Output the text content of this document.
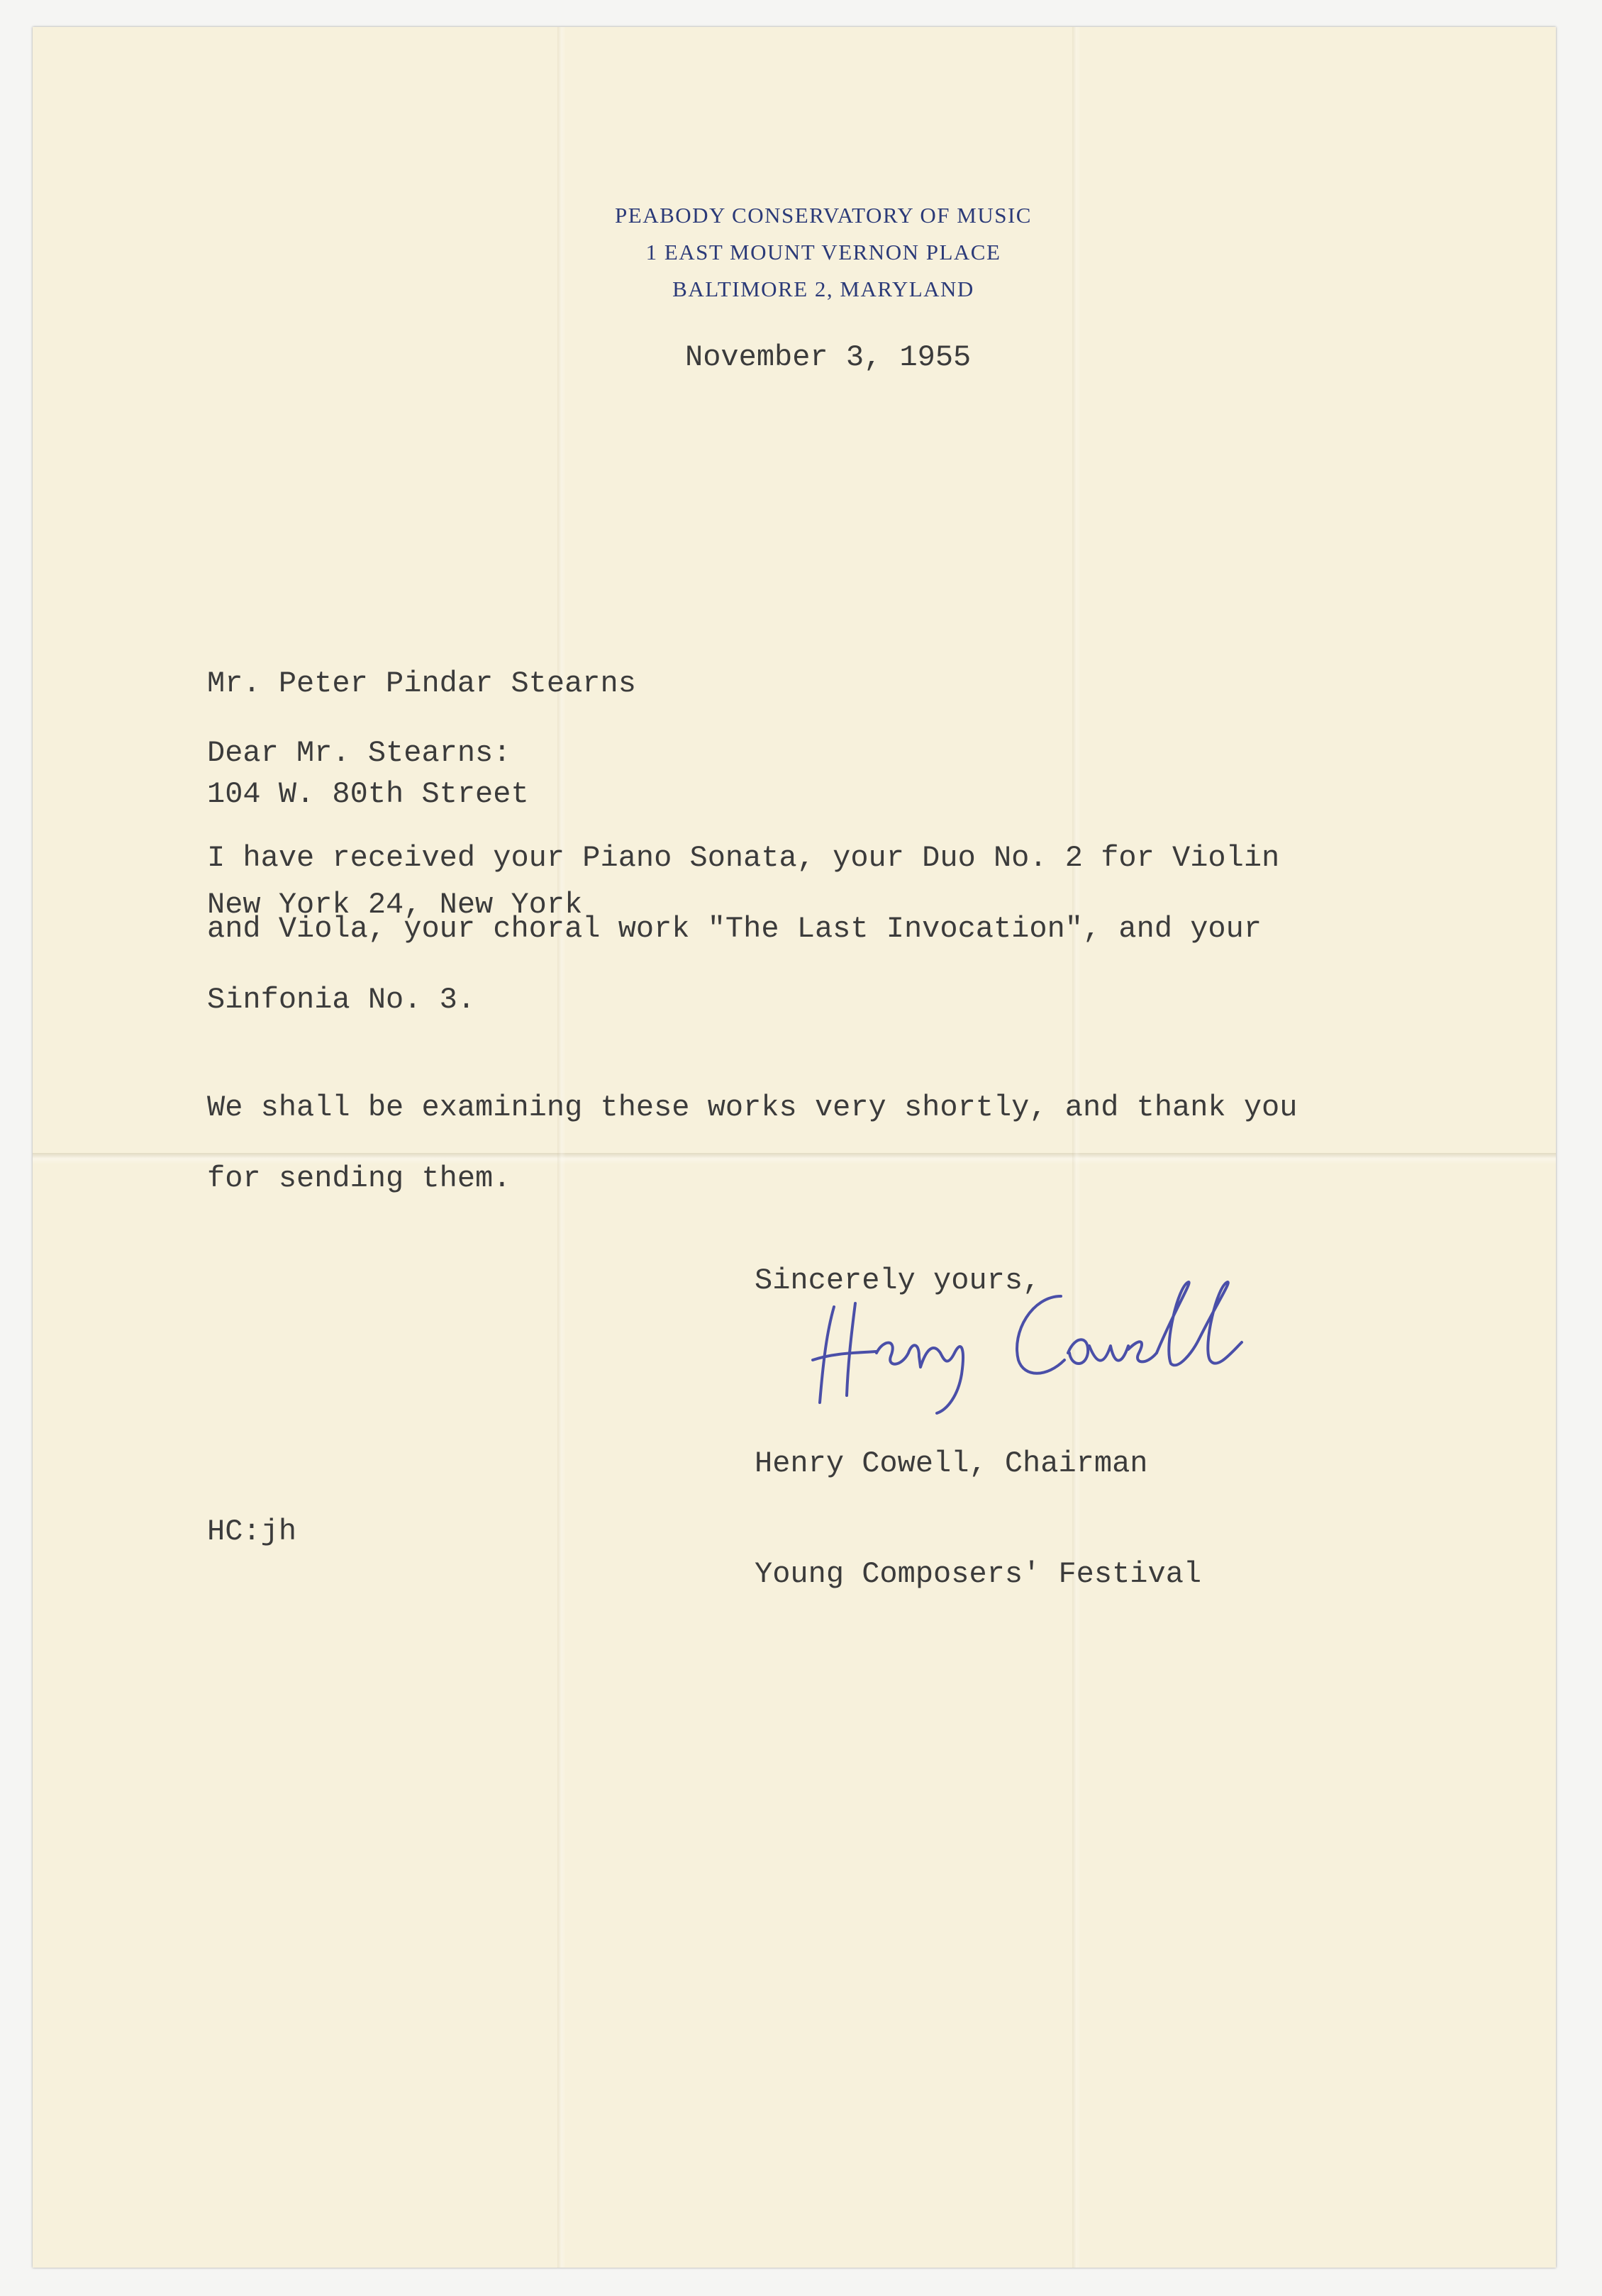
PEABODY CONSERVATORY OF MUSIC
1 EAST MOUNT VERNON PLACE
BALTIMORE 2, MARYLAND
November 3, 1955

Mr. Peter Pindar Stearns

104 W. 80th Street

New York 24, New York

Dear Mr. Stearns:
I have received your Piano Sonata, your Duo No. 2 for Violin and Viola, your choral work "The Last Invocation", and your Sinfonia No. 3.
We shall be examining these works very shortly, and thank you for sending them.
Sincerely yours,

Henry Cowell, Chairman

Young Composers' Festival

HC:jh
